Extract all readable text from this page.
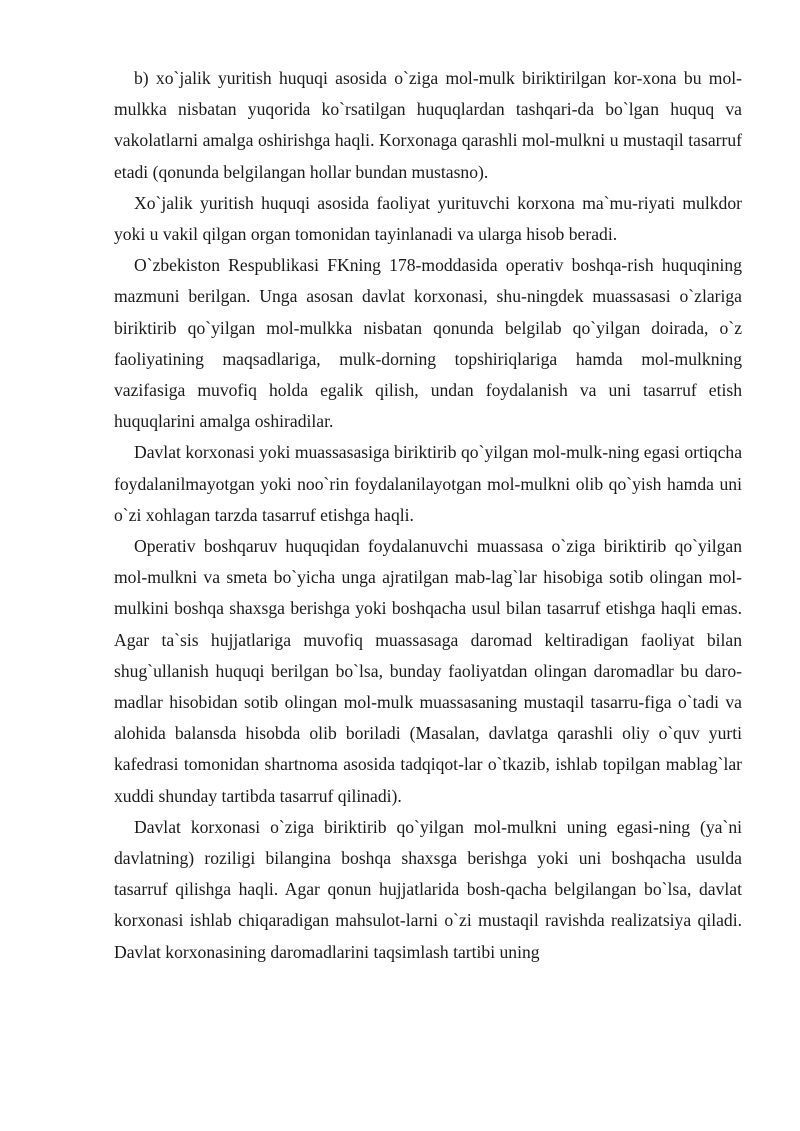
b) xo`jalik yuritish huquqi asosida o`ziga mol-mulk biriktirilgan kor-xona bu mol-mulkka nisbatan yuqorida ko`rsatilgan huquqlardan tashqari-da bo`lgan huquq va vakolatlarni amalga oshirishga haqli. Korxonaga qarashli mol-mulkni u mustaqil tasarruf etadi (qonunda belgilangan hollar bundan mustasno).

Xo`jalik yuritish huquqi asosida faoliyat yurituvchi korxona ma`mu-riyati mulkdor yoki u vakil qilgan organ tomonidan tayinlanadi va ularga hisob beradi.

O`zbekiston Respublikasi FKning 178-moddasida operativ boshqa-rish huquqining mazmuni berilgan. Unga asosan davlat korxonasi, shu-ningdek muassasasi o`zlariga biriktirib qo`yilgan mol-mulkka nisbatan qonunda belgilab qo`yilgan doirada, o`z faoliyatining maqsadlariga, mulk-dorning topshiriqlariga hamda mol-mulkning vazifasiga muvofiq holda egalik qilish, undan foydalanish va uni tasarruf etish huquqlarini amalga oshiradilar.

Davlat korxonasi yoki muassasasiga biriktirib qo`yilgan mol-mulk-ning egasi ortiqcha foydalanilmayotgan yoki noo`rin foydalanilayotgan mol-mulkni olib qo`yish hamda uni o`zi xohlagan tarzda tasarruf etishga haqli.

Operativ boshqaruv huquqidan foydalanuvchi muassasa o`ziga biriktirib qo`yilgan mol-mulkni va smeta bo`yicha unga ajratilgan mab-lag`lar hisobiga sotib olingan mol-mulkini boshqa shaxsga berishga yoki boshqacha usul bilan tasarruf etishga haqli emas. Agar ta`sis hujjatlariga muvofiq muassasaga daromad keltiradigan faoliyat bilan shug`ullanish huquqi berilgan bo`lsa, bunday faoliyatdan olingan daromadlar bu daro-madlar hisobidan sotib olingan mol-mulk muassasaning mustaqil tasarru-figa o`tadi va alohida balansda hisobda olib boriladi (Masalan, davlatga qarashli oliy o`quv yurti kafedrasi tomonidan shartnoma asosida tadqiqot-lar o`tkazib, ishlab topilgan mablag`lar xuddi shunday tartibda tasarruf qilinadi).

Davlat korxonasi o`ziga biriktirib qo`yilgan mol-mulkni uning egasi-ning (ya`ni davlatning) roziligi bilangina boshqa shaxsga berishga yoki uni boshqacha usulda tasarruf qilishga haqli. Agar qonun hujjatlarida bosh-qacha belgilangan bo`lsa, davlat korxonasi ishlab chiqaradigan mahsulot-larni o`zi mustaqil ravishda realizatsiya qiladi. Davlat korxonasining daromadlarini taqsimlash tartibi uning
